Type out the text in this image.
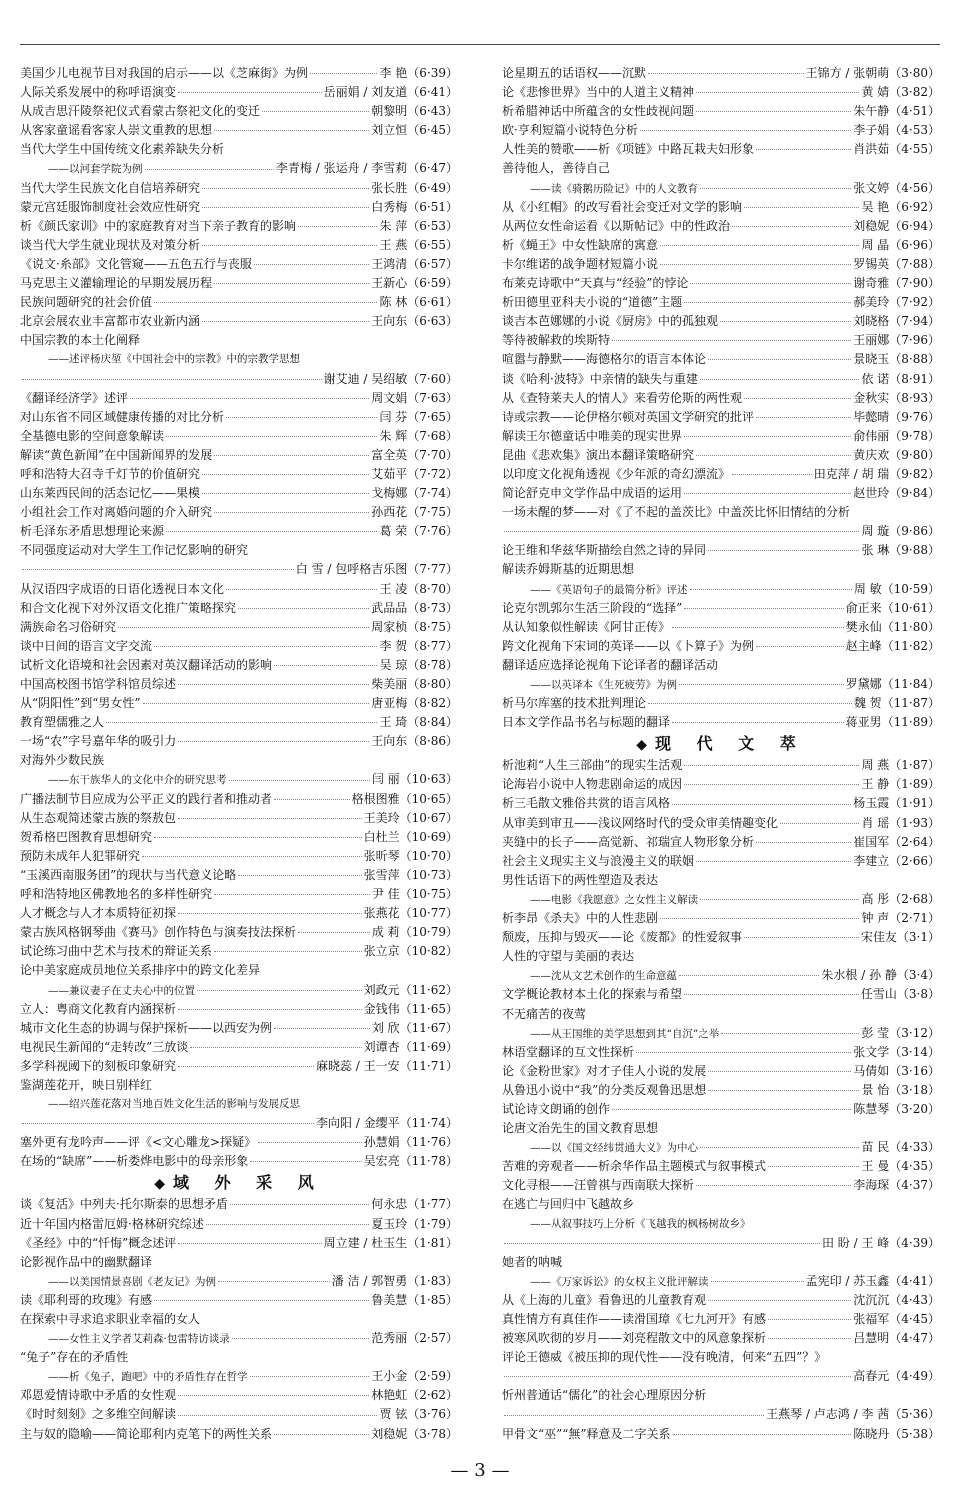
美国少儿电视节目对我国的启示——以《芝麻街》为例	李 艳（6·39）
人际关系发展中的称呼语演变	岳丽娟 / 刘友道（6·41）
从成吉思汗陵祭祀仪式看蒙古祭祀文化的变迁	朝黎明（6·43）
从客家童谣看客家人崇文重教的思想	刘立恒（6·45）
当代大学生中国传统文化素养缺失分析
——以河套学院为例	李青梅 / 张运舟 / 李雪莉（6·47）
当代大学生民族文化自信培养研究	张长胜（6·49）
蒙元宫廷服饰制度社会效应性研究	白秀梅（6·51）
析《颜氏家训》中的家庭教育对当下亲子教育的影响	朱 萍（6·53）
谈当代大学生就业现状及对策分析	王 燕（6·55）
《说文·糸部》文化管窥——五色五行与丧服	王鸿清（6·57）
马克思主义灌输理论的早期发展历程	王新心（6·59）
民族问题研究的社会价值	陈 林（6·61）
北京会展农业丰富都市农业新内涵	王向东（6·63）
中国宗教的本土化阐释
——述评杨庆堃《中国社会中的宗教》中的宗教学思想
谢艾迪 / 吴绍敏（7·60）
《翻译经济学》述评	周文娟（7·63）
对山东省不同区域健康传播的对比分析	闫 芬（7·65）
全基德电影的空间意象解读	朱 辉（7·68）
解读“黄色新闻”在中国新闻界的发展	富全英（7·70）
呼和浩特大召寺千灯节的价值研究	艾茹平（7·72）
山东莱西民间的活态记忆——果模	戈梅娜（7·74）
小组社会工作对离婚问题的介入研究	孙西花（7·75）
析毛泽东矛盾思想理论来源	葛 荣（7·76）
不同强度运动对大学生工作记忆影响的研究
白 雪 / 包呼格吉乐图（7·77）
从汉语四字成语的日语化透视日本文化	王 凌（8·70）
和合文化视下对外汉语文化推广策略探究	武品品（8·73）
满族命名习俗研究	周家桢（8·75）
谈中日间的语言文字交流	李 贺（8·77）
试析文化语境和社会因素对英汉翻译活动的影响	吴 琼（8·78）
中国高校图书馆学科馆员综述	柴美丽（8·80）
从“阴阳性”到“男女性”	唐亚梅（8·82）
教育塑儒雅之人	王 琦（8·84）
一场“农”字号嘉年华的吸引力	王向东（8·86）
对海外少数民族
——东干族华人的文化中介的研究思考	闫 丽（10·63）
广播法制节目应成为公平正义的践行者和推动者	格根图雅（10·65）
从生态观简述蒙古族的祭敖包	王美玲（10·67）
贺希格巴图教育思想研究	白杜兰（10·69）
预防未成年人犯罪研究	张昕琴（10·70）
“玉溪西南服务团”的现状与当代意义论略	张雪萍（10·73）
呼和浩特地区佛教地名的多样性研究	尹 佳（10·75）
人才概念与人才本质特征初探	张燕花（10·77）
蒙古族风格钢琴曲《赛马》创作特色与演奏技法探析	成 莉（10·79）
试论练习曲中艺术与技术的辩证关系	张立京（10·82）
论中美家庭成员地位关系排序中的跨文化差异
——兼议妻子在丈夫心中的位置	刘政元（11·62）
立人：粤商文化教育内涵探析	金钱伟（11·65）
城市文化生态的协调与保护探析——以西安为例	刘 欣（11·67）
电视民生新闻的“走转改”三放谈	刘谭杏（11·69）
多学科视阈下的刻板印象研究	麻晓蕊 / 王一安（11·71）
鉴湖莲花开，映日别样红
——绍兴莲花落对当地百姓文化生活的影响与发展反思
李向阳 / 金缨平（11·74）
塞外更有龙吟声——评《<文心雕龙>探疑》	孙慧娟（11·76）
在场的“缺席”——析娄烨电影中的母亲形象	吴宏亮（11·78）
◆ 域 外 采 风
谈《复活》中列夫·托尔斯泰的思想矛盾	何永忠（1·77）
近十年国内格雷厄姆·格林研究综述	夏玉玲（1·79）
《圣经》中的“忏悔”概念述评	周立建 / 杜玉生（1·81）
论影视作品中的幽默翻译
——以美国情景喜剧《老友记》为例	潘 洁 / 郭智勇（1·83）
读《耶利哥的玫瑰》有感	鲁美慧（1·85）
在探索中寻求追求职业幸福的女人
——女性主义学者艾莉森·包雷特访谈录	范秀丽（2·57）
“兔子”存在的矛盾性
——析《兔子，跑吧》中的矛盾性存在哲学	王小金（2·59）
邓恩爱情诗歌中矛盾的女性观	林艳虹（2·62）
《时时刻刻》之多维空间解读	贾 铉（3·76）
主与奴的隐喻——简论耶利内克笔下的两性关系	刘稳妮（3·78）
论星期五的话语权——沉默	王锦方 / 张朝萌（3·80）
论《悲惨世界》当中的人道主义精神	黄 婧（3·82）
析希腊神话中所蕴含的女性歧视问题	朱午静（4·51）
欧·亨利短篇小说特色分析	李子娟（4·53）
人性美的赞歌——析《项链》中路瓦栽夫妇形象	肖洪茹（4·55）
善待他人，善待自己
——读《骑鹅历险记》中的人文教育	张文婷（4·56）
从《小红帽》的改写看社会变迁对文学的影响	吴 艳（6·92）
从两位女性命运看《以斯帖记》中的性政治	刘稳妮（6·94）
析《蝇王》中女性缺席的寓意	周 晶（6·96）
卡尔维诺的战争题材短篇小说	罗锡英（7·88）
布莱克诗歌中“天真与“经验”的悖论	谢奇雅（7·90）
析田德里亚科夫小说的“道德”主题	郝美玲（7·92）
谈吉本芭娜娜的小说《厨房》中的孤独观	刘晓格（7·94）
等待被解救的埃斯特	王丽娜（7·96）
喧嚣与静默——海德格尔的语言本体论	景晓玉（8·88）
谈《哈利·波特》中亲情的缺失与重建	依 诺（8·91）
从《查特莱夫人的情人》来看劳伦斯的两性观	金秋实（8·93）
诗或宗教——论伊格尔顿对英国文学研究的批评	毕懿晴（9·76）
解读王尔德童话中唯美的现实世界	俞伟丽（9·78）
昆曲《悲欢集》演出本翻译策略研究	黄庆欢（9·80）
以印度文化视角透视《少年派的奇幻漂流》	田克萍 / 胡 瑞（9·82）
简论舒克申文学作品中成语的运用	赵世玲（9·84）
一场未醒的梦——对《了不起的盖茨比》中盖茨比怀旧情结的分析
周 璇（9·86）
论王维和华兹华斯描绘自然之诗的异同	张 琳（9·88）
解读乔姆斯基的近期思想
——《英语句子的最简分析》评述	周 敏（10·59）
论克尔凯郭尔生活三阶段的“选择”	俞正来（10·61）
从认知象似性解读《阿甘正传》	樊永仙（11·80）
跨文化视角下宋词的英译——以《卜算子》为例	赵主峰（11·82）
翻译适应选择论视角下论译者的翻译活动
——以英译本《生死疲劳》为例	罗黛娜（11·84）
析马尔库塞的技术批判理论	魏 贺（11·87）
日本文学作品书名与标题的翻译	蒋亚男（11·89）
◆ 现 代 文 萃
析池莉“人生三部曲”的现实生活观	周 燕（1·87）
论海岩小说中人物悲剧命运的成因	王 静（1·89）
析三毛散文雅俗共赏的语言风格	杨玉霞（1·91）
从审美到审丑——浅议网络时代的受众审美情趣变化	肖 瑶（1·93）
夹缝中的长子——高觉新、祁瑞宣人物形象分析	崔国军（2·64）
社会主义现实主义与浪漫主义的联姻	李建立（2·66）
男性话语下的两性塑造及表达
——电影《我愿意》之女性主义解读	高 彤（2·68）
析李昂《杀夫》中的人性悲剧	钟 声（2·71）
颓废，压抑与毁灭——论《废都》的性爱叙事	宋佳友（3·1）
人性的守望与美丽的表达
——沈从文艺术创作的生命意蕴	朱水根 / 孙 静（3·4）
文学概论教材本土化的探索与希望	任雪山（3·8）
不无痛苦的夜莺
——从王国维的美学思想到其“自沉”之举	彭 莹（3·12）
林语堂翻译的互文性探析	张文学（3·14）
论《金粉世家》对才子佳人小说的发展	马倩如（3·16）
从鲁迅小说中“我”的分类反观鲁迅思想	景 怡（3·18）
试论诗文朗诵的创作	陈慧琴（3·20）
论唐文治先生的国文教育思想
——以《国文经纬贯通大义》为中心	苗 民（4·33）
苦难的旁观者——析余华作品主题模式与叙事模式	王 曼（4·35）
文化寻根——汪曾祺与西南联大探析	李海琛（4·37）
在逃亡与回归中飞越故乡
——从叙事技巧上分析《飞越我的枫杨树故乡》
田 盼 / 王 峰（4·39）
她者的呐喊
——《万家诉讼》的女权主义批评解读	孟宪印 / 苏玉鑫（4·41）
从《上海的儿童》看鲁迅的儿童教育观	沈沉沉（4·43）
真性情方有真佳作——读滑国璋《七九河开》有感	张福军（4·45）
被寒风吹彻的岁月——刘亮程散文中的风意象探析	吕慧明（4·47）
评论王德威《被压抑的现代性——没有晚清，何来“五四”？》
高春元（4·49）
忻州普通话“儒化”的社会心理原因分析
王燕琴 / 卢志鸿 / 李 茜（5·36）
甲骨文“巫”“無”释意及二字关系	陈晓丹（5·38）
— 3 —
